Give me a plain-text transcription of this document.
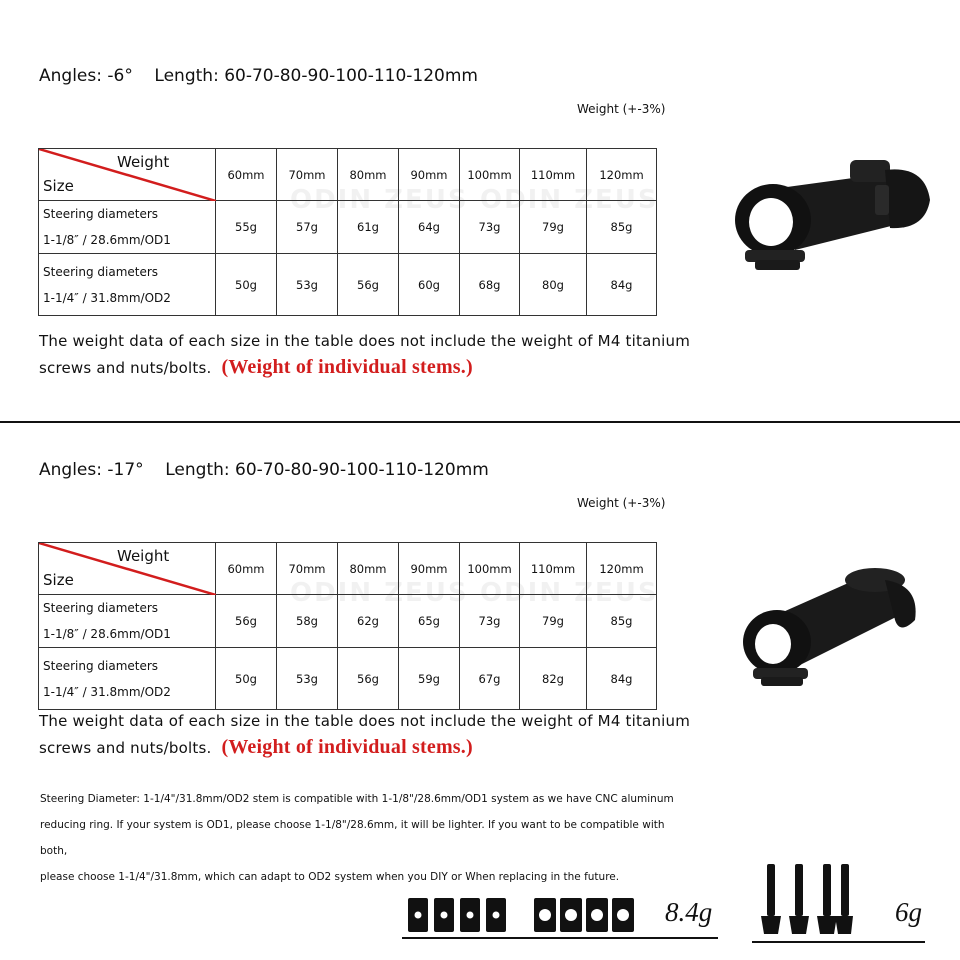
ODIN ZEUS ODIN ZEUS
ODIN ZEUS ODIN ZEUS
Angles: -6°    Length: 60-70-80-90-100-110-120mm
Weight (+-3%)
Weight
Size	60mm	70mm	80mm	90mm	100mm	110mm	120mm

Steering diameters
1-1/8″ / 28.6mm/OD1	55g	57g	61g	64g	73g	79g	85g

Steering diameters
1-1/4″ / 31.8mm/OD2	50g	53g	56g	60g	68g	80g	84g
The weight data of each size in the table does not include the weight of M4 titanium
screws and nuts/bolts. (Weight of individual stems.)
Angles: -17°    Length: 60-70-80-90-100-110-120mm
Weight (+-3%)
Weight
Size	60mm	70mm	80mm	90mm	100mm	110mm	120mm

Steering diameters
1-1/8″ / 28.6mm/OD1	56g	58g	62g	65g	73g	79g	85g

Steering diameters
1-1/4″ / 31.8mm/OD2	50g	53g	56g	59g	67g	82g	84g
The weight data of each size in the table does not include the weight of M4 titanium
screws and nuts/bolts. (Weight of individual stems.)
Steering Diameter: 1-1/4"/31.8mm/OD2 stem is compatible with 1-1/8"/28.6mm/OD1 system as we have CNC aluminum
reducing ring. If your system is OD1, please choose 1-1/8"/28.6mm, it will be lighter. If you want to be compatible with both,
please choose 1-1/4"/31.8mm, which can adapt to OD2 system when you DIY or When replacing in the future.
8.4g	6g
